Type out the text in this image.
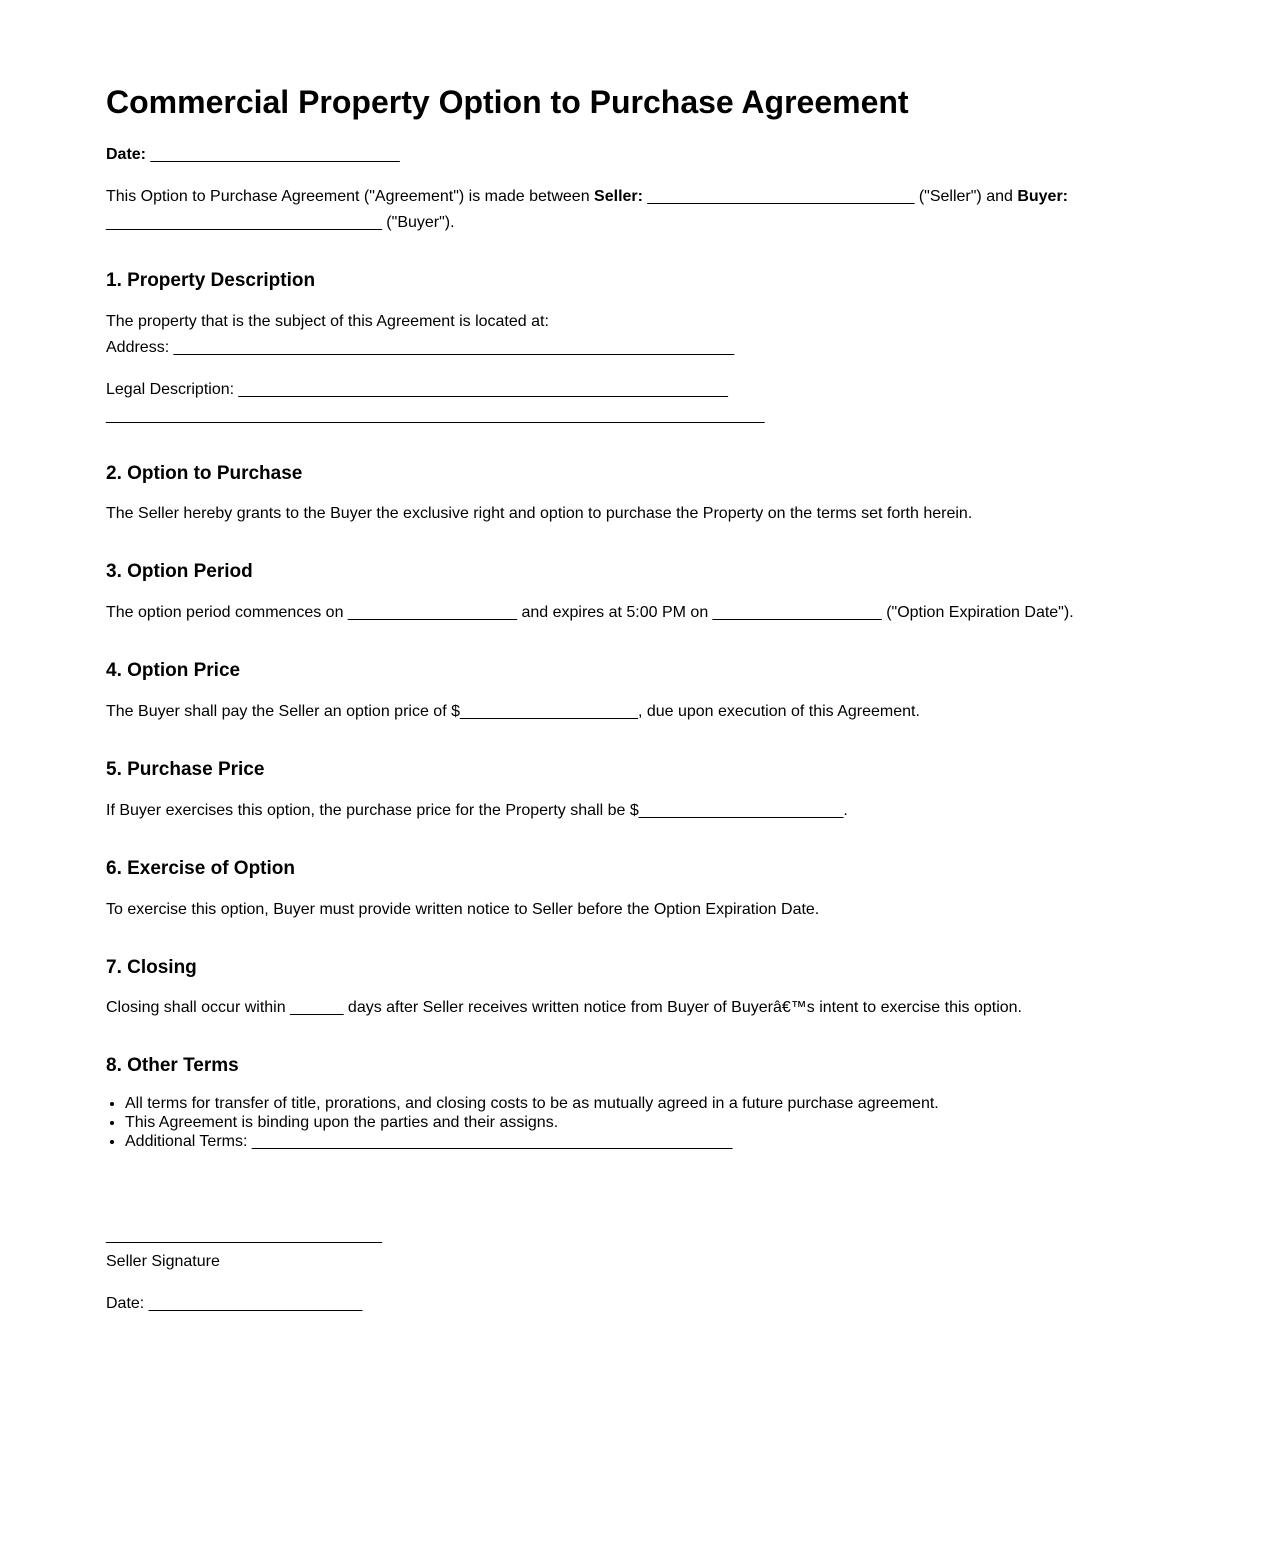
Commercial Property Option to Purchase Agreement

Date: ____________________________

This Option to Purchase Agreement ("Agreement") is made between Seller: ______________________________ ("Seller") and Buyer: _______________________________ ("Buyer").

1. Property Description

The property that is the subject of this Agreement is located at:
Address: _______________________________________________________________

Legal Description: _______________________________________________________
__________________________________________________________________________

2. Option to Purchase

The Seller hereby grants to the Buyer the exclusive right and option to purchase the Property on the terms set forth herein.

3. Option Period

The option period commences on ___________________ and expires at 5:00 PM on ___________________ ("Option Expiration Date").

4. Option Price

The Buyer shall pay the Seller an option price of $____________________, due upon execution of this Agreement.

5. Purchase Price

If Buyer exercises this option, the purchase price for the Property shall be $_______________________.

6. Exercise of Option

To exercise this option, Buyer must provide written notice to Seller before the Option Expiration Date.

7. Closing

Closing shall occur within ______ days after Seller receives written notice from Buyer of Buyerâ€™s intent to exercise this option.

8. Other Terms
• All terms for transfer of title, prorations, and closing costs to be as mutually agreed in a future purchase agreement.
• This Agreement is binding upon the parties and their assigns.
• Additional Terms: ______________________________________________________

_______________________________
Seller Signature

Date: ________________________
